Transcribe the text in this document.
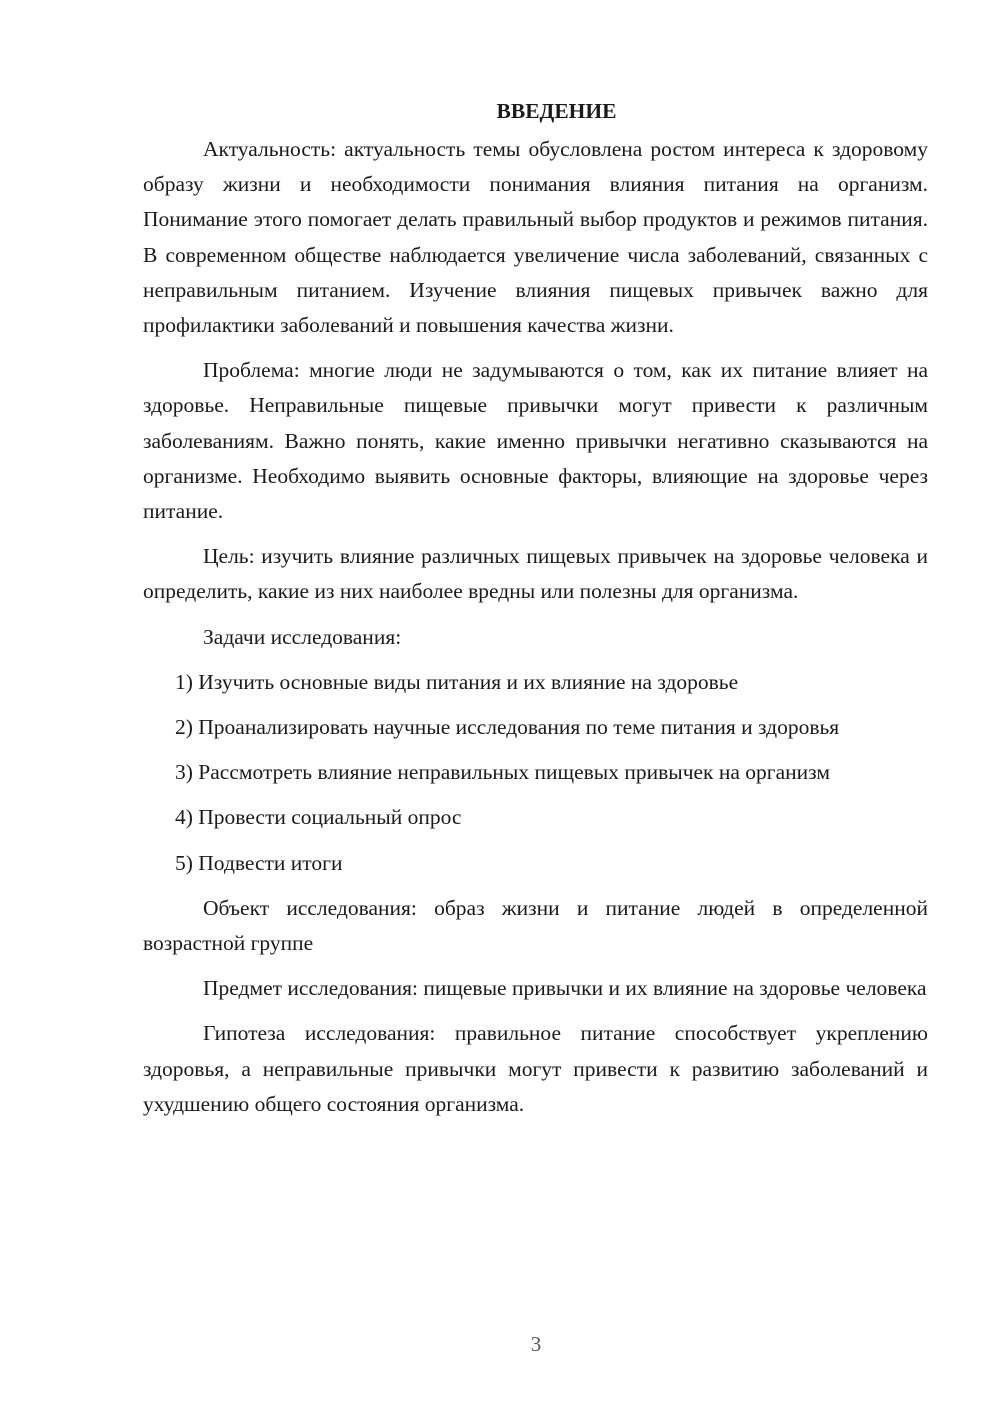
ВВЕДЕНИЕ

Актуальность: актуальность темы обусловлена ростом интереса к здоровому образу жизни и необходимости понимания влияния питания на организм. Понимание этого помогает делать правильный выбор продуктов и режимов питания. В современном обществе наблюдается увеличение числа заболеваний, связанных с неправильным питанием. Изучение влияния пищевых привычек важно для профилактики заболеваний и повышения качества жизни.

Проблема: многие люди не задумываются о том, как их питание влияет на здоровье. Неправильные пищевые привычки могут привести к различным заболеваниям. Важно понять, какие именно привычки негативно сказываются на организме. Необходимо выявить основные факторы, влияющие на здоровье через питание.

Цель: изучить влияние различных пищевых привычек на здоровье человека и определить, какие из них наиболее вредны или полезны для организма.

Задачи исследования:

1) Изучить основные виды питания и их влияние на здоровье

2) Проанализировать научные исследования по теме питания и здоровья

3) Рассмотреть влияние неправильных пищевых привычек на организм

4) Провести социальный опрос

5) Подвести итоги

Объект исследования: образ жизни и питание людей в определенной возрастной группе

Предмет исследования: пищевые привычки и их влияние на здоровье человека

Гипотеза исследования: правильное питание способствует укреплению здоровья, а неправильные привычки могут привести к развитию заболеваний и ухудшению общего состояния организма.

3
